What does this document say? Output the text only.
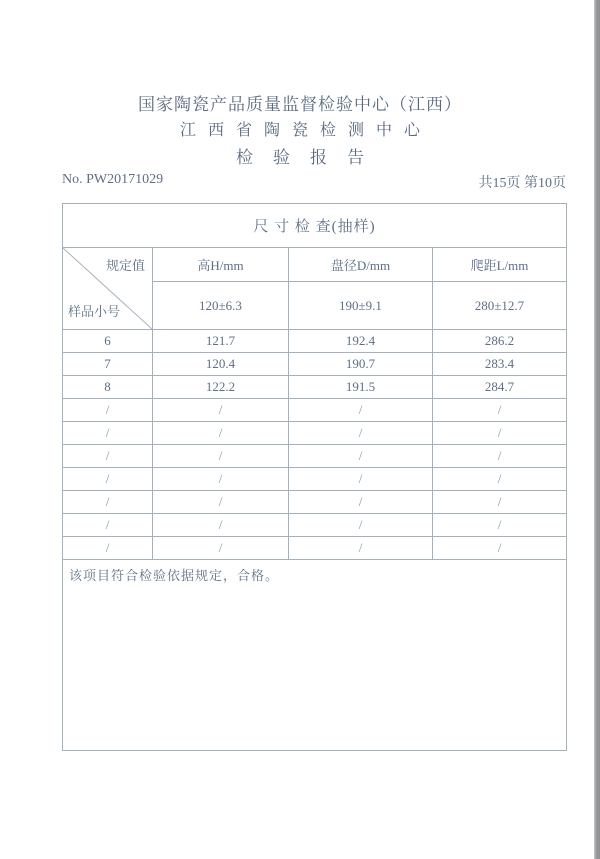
国家陶瓷产品质量监督检验中心（江西）
江西省陶瓷检测中心
检验报告
No. PW20171029	共15页 第10页
尺 寸 检 查(抽样)			

规定值
样品小号	高H/mm	盘径D/mm	爬距L/mm
	120±6.3	190±9.1	280±12.7
6	121.7	192.4	286.2
7	120.4	190.7	283.4
8	122.2	191.5	284.7
/	/	/	/
/	/	/	/
/	/	/	/
/	/	/	/
/	/	/	/
/	/	/	/
/	/	/	/
该项目符合检验依据规定，合格。			
